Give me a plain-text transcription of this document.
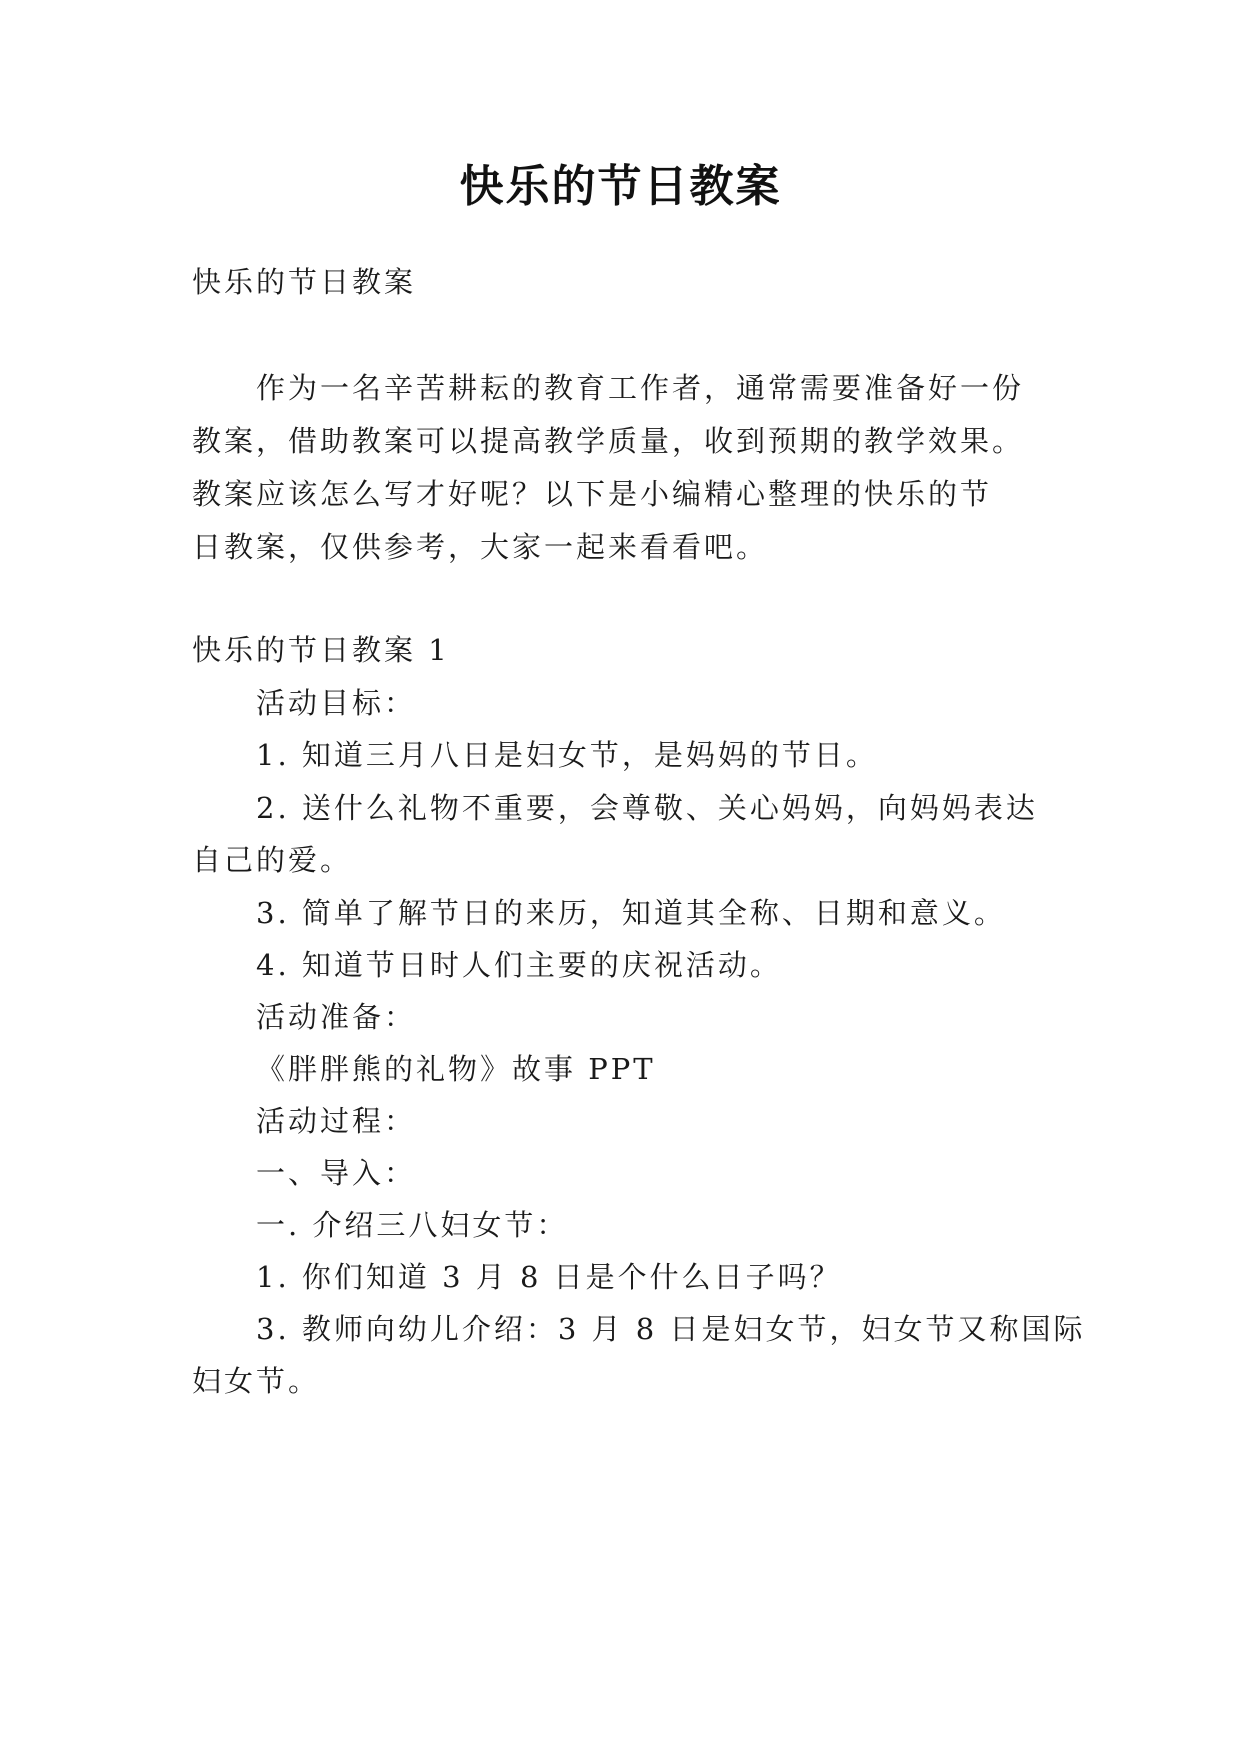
快乐的节日教案

快乐的节日教案

作为一名辛苦耕耘的教育工作者，通常需要准备好一份

教案，借助教案可以提高教学质量，收到预期的教学效果。

教案应该怎么写才好呢？以下是小编精心整理的快乐的节

日教案，仅供参考，大家一起来看看吧。

快乐的节日教案 1

活动目标：

1. 知道三月八日是妇女节，是妈妈的节日。

2. 送什么礼物不重要，会尊敬、关心妈妈，向妈妈表达

自己的爱。

3. 简单了解节日的来历，知道其全称、日期和意义。

4. 知道节日时人们主要的庆祝活动。

活动准备：

《胖胖熊的礼物》故事 PPT

活动过程：

一、导入：

一. 介绍三八妇女节：

1. 你们知道 3 月 8 日是个什么日子吗？

3. 教师向幼儿介绍：3 月 8 日是妇女节，妇女节又称国际

妇女节。
